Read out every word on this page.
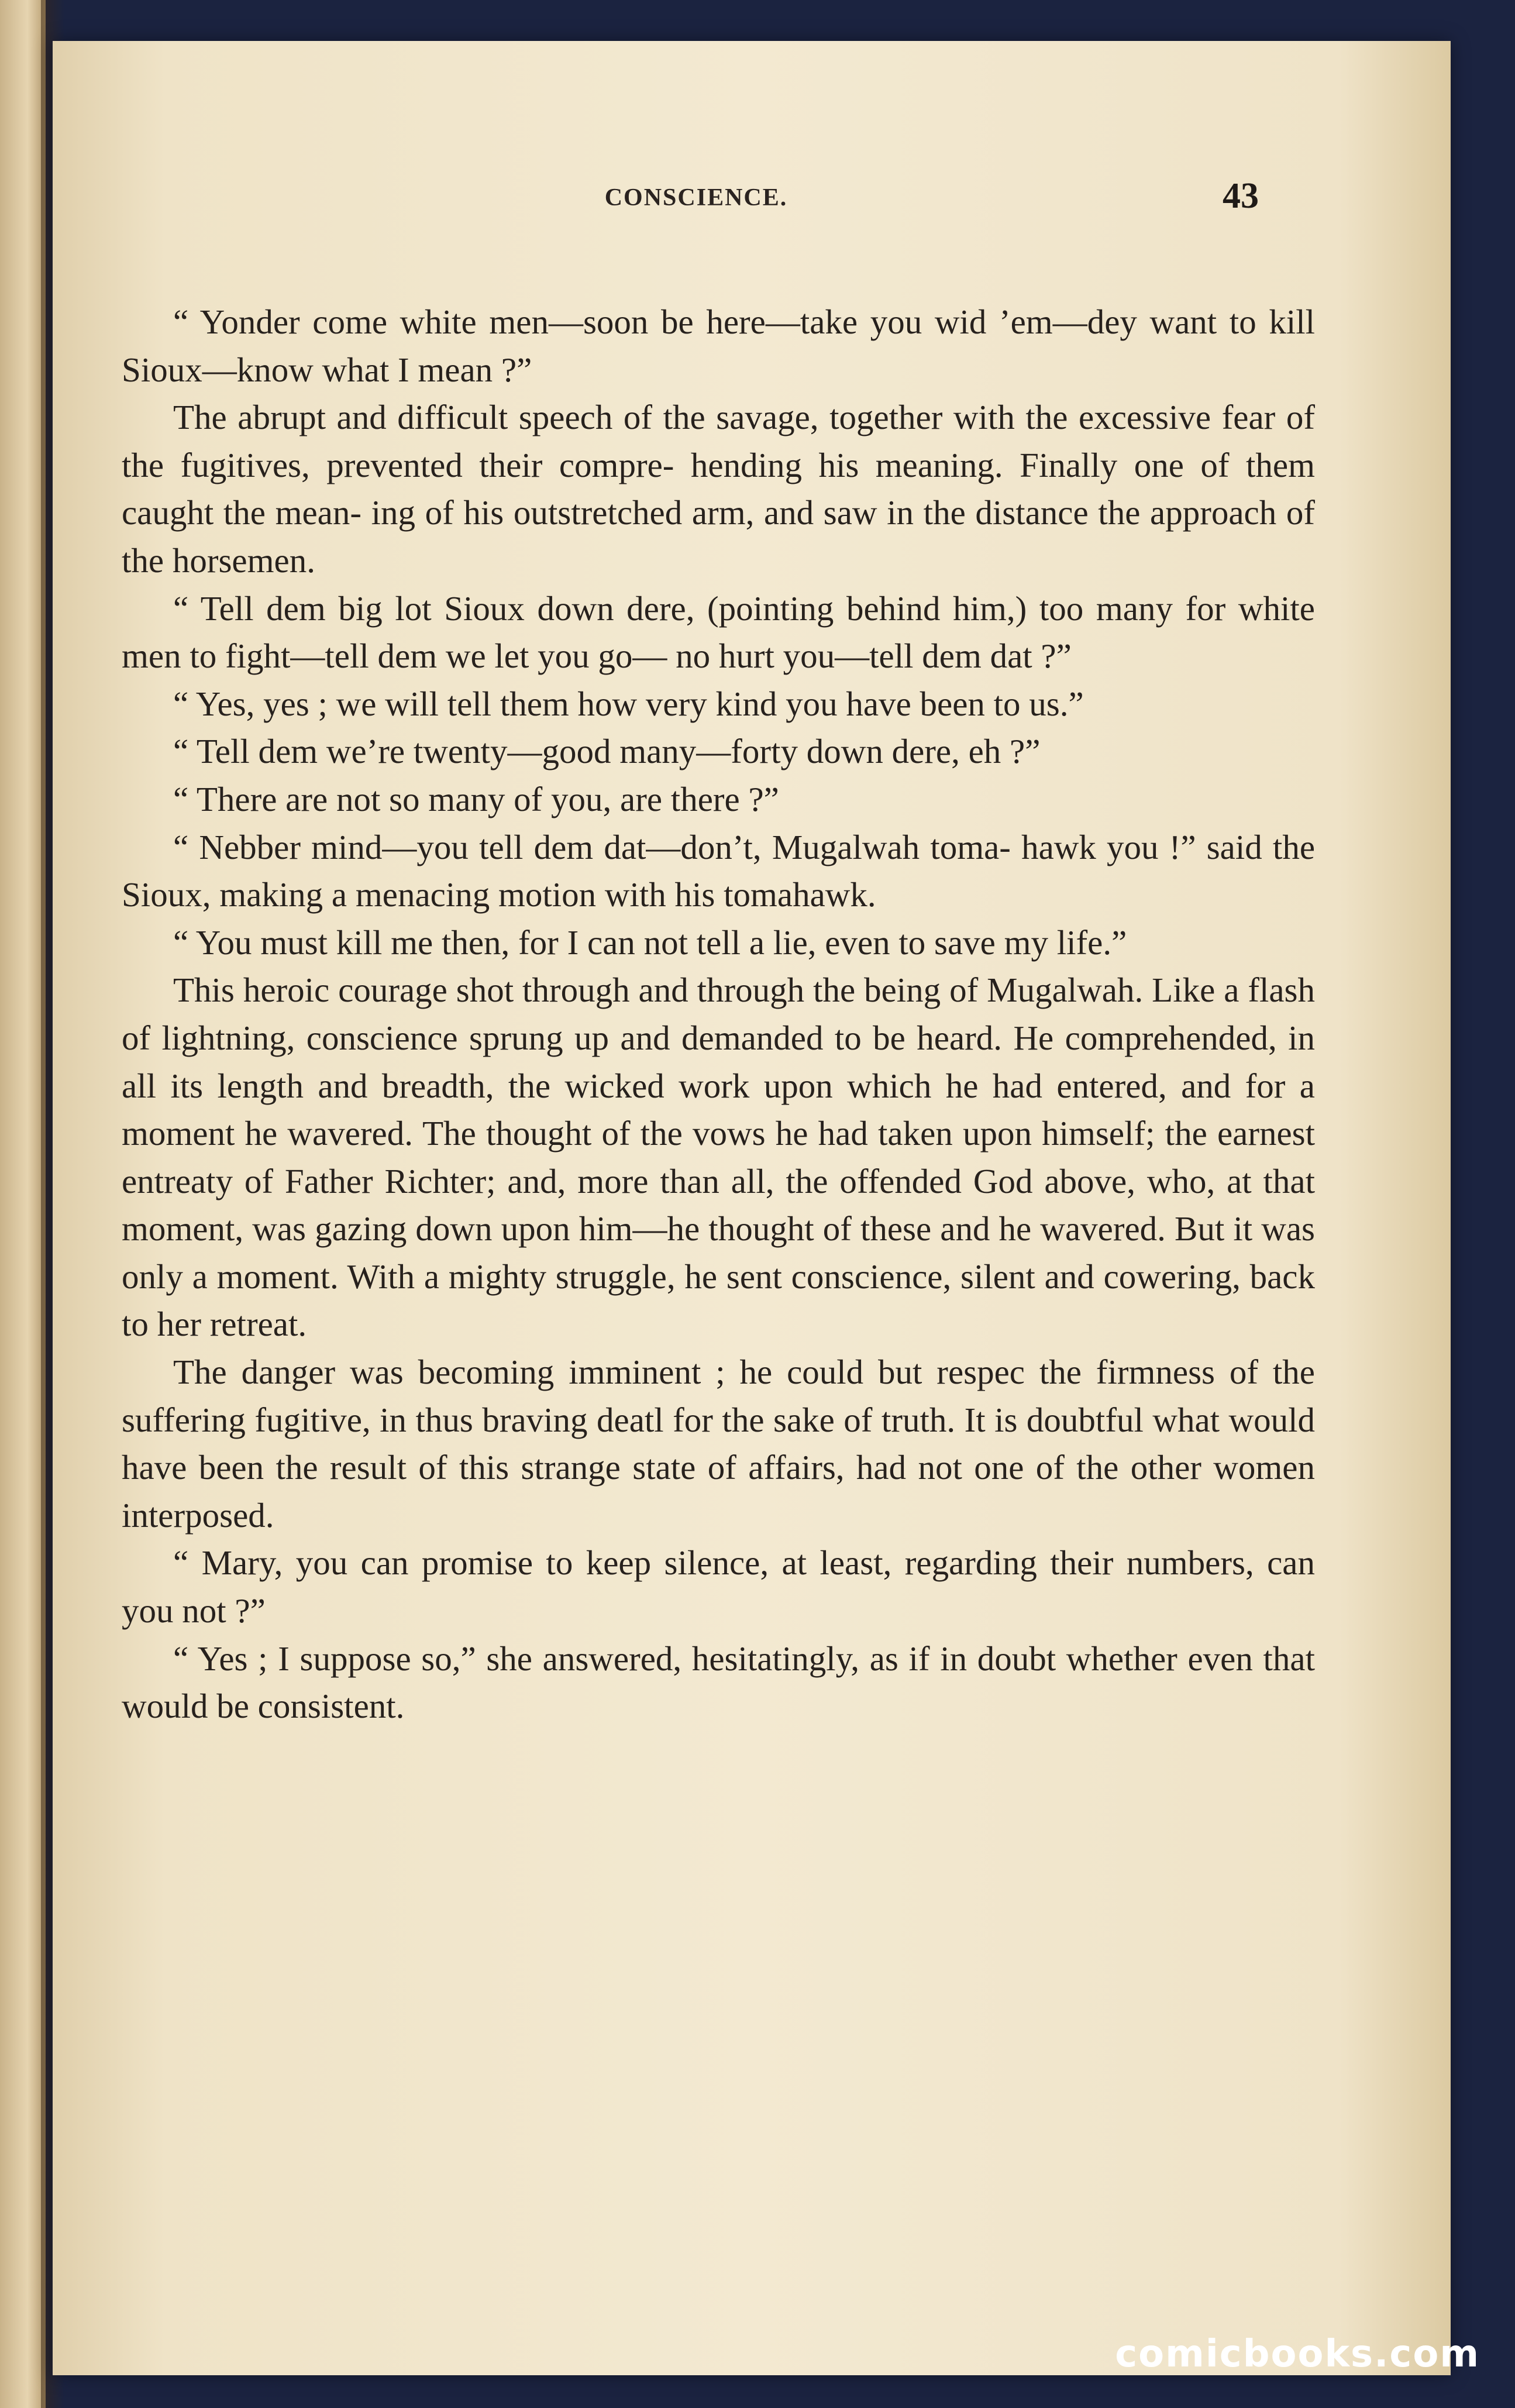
CONSCIENCE.	43

“ Yonder come white men—soon be here—take you wid ’em—dey want to kill Sioux—know what I mean ?”

The abrupt and difficult speech of the savage, together with the excessive fear of the fugitives, prevented their compre- hending his meaning. Finally one of them caught the mean- ing of his outstretched arm, and saw in the distance the approach of the horsemen.

“ Tell dem big lot Sioux down dere, (pointing behind him,) too many for white men to fight—tell dem we let you go— no hurt you—tell dem dat ?”

“ Yes, yes ; we will tell them how very kind you have been to us.”

“ Tell dem we’re twenty—good many—forty down dere, eh ?”

“ There are not so many of you, are there ?”

“ Nebber mind—you tell dem dat—don’t, Mugalwah toma- hawk you !” said the Sioux, making a menacing motion with his tomahawk.

“ You must kill me then, for I can not tell a lie, even to save my life.”

This heroic courage shot through and through the being of Mugalwah. Like a flash of lightning, conscience sprung up and demanded to be heard. He comprehended, in all its length and breadth, the wicked work upon which he had entered, and for a moment he wavered. The thought of the vows he had taken upon himself; the earnest entreaty of Father Richter; and, more than all, the offended God above, who, at that moment, was gazing down upon him—he thought of these and he wavered. But it was only a moment. With a mighty struggle, he sent conscience, silent and cowering, back to her retreat.

The danger was becoming imminent ; he could but respec the firmness of the suffering fugitive, in thus braving deatl for the sake of truth. It is doubtful what would have been the result of this strange state of affairs, had not one of the other women interposed.

“ Mary, you can promise to keep silence, at least, regarding their numbers, can you not ?”

“ Yes ; I suppose so,” she answered, hesitatingly, as if in doubt whether even that would be consistent.

comicbooks.com
